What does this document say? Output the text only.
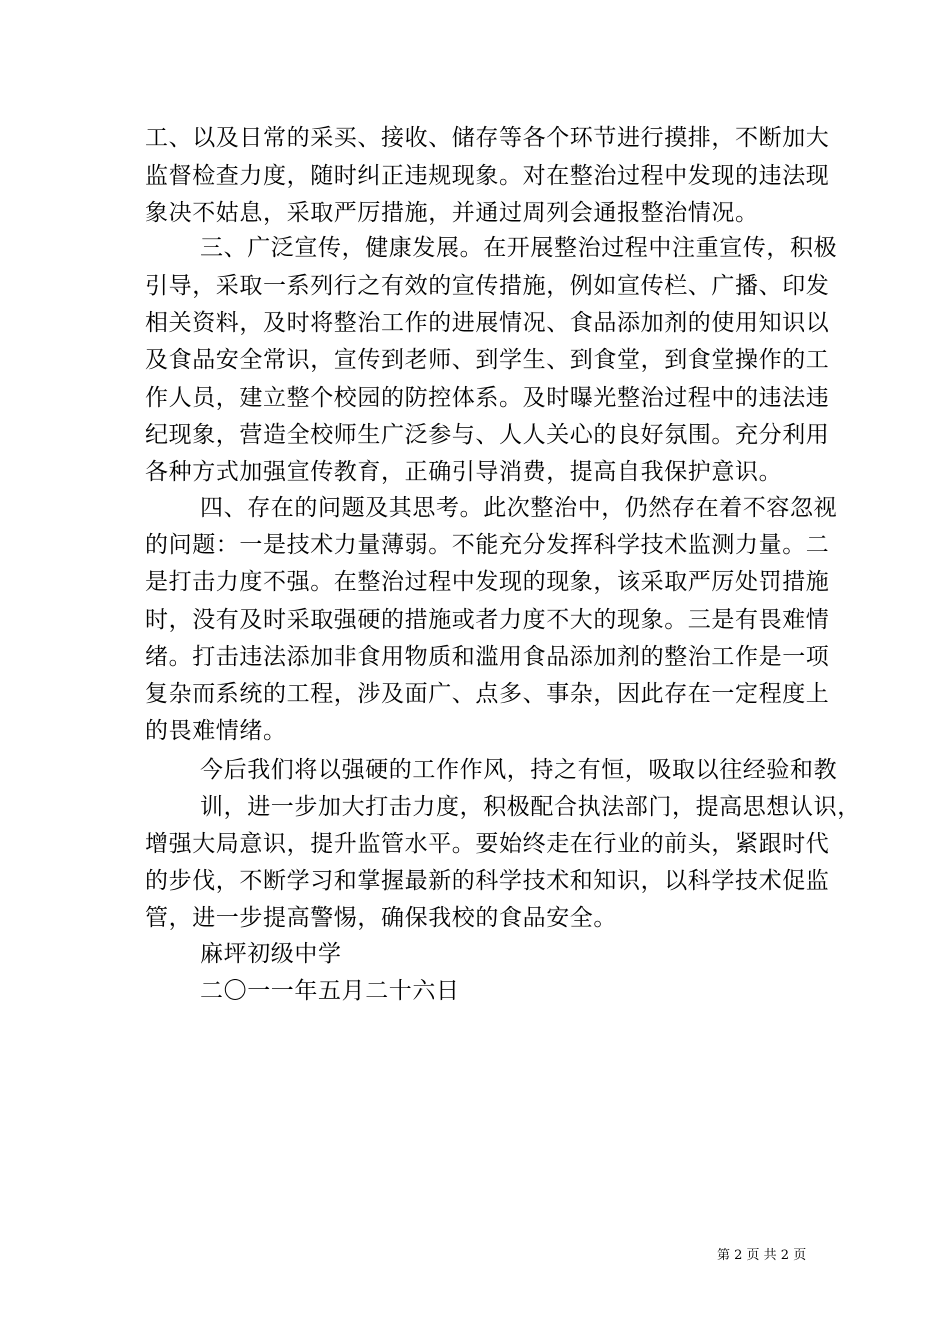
工、以及日常的采买、接收、储存等各个环节进行摸排，不断加大
监督检查力度，随时纠正违规现象。对在整治过程中发现的违法现
象决不姑息，采取严厉措施，并通过周列会通报整治情况。
三、广泛宣传，健康发展。在开展整治过程中注重宣传，积极
引导，采取一系列行之有效的宣传措施，例如宣传栏、广播、印发
相关资料，及时将整治工作的进展情况、食品添加剂的使用知识以
及食品安全常识，宣传到老师、到学生、到食堂，到食堂操作的工
作人员，建立整个校园的防控体系。及时曝光整治过程中的违法违
纪现象，营造全校师生广泛参与、人人关心的良好氛围。充分利用
各种方式加强宣传教育，正确引导消费，提高自我保护意识。
四、存在的问题及其思考。此次整治中，仍然存在着不容忽视
的问题：一是技术力量薄弱。不能充分发挥科学技术监测力量。二
是打击力度不强。在整治过程中发现的现象，该采取严厉处罚措施
时，没有及时采取强硬的措施或者力度不大的现象。三是有畏难情
绪。打击违法添加非食用物质和滥用食品添加剂的整治工作是一项
复杂而系统的工程，涉及面广、点多、事杂，因此存在一定程度上
的畏难情绪。
今后我们将以强硬的工作作风，持之有恒，吸取以往经验和教
训，进一步加大打击力度，积极配合执法部门，提高思想认识，
增强大局意识，提升监管水平。要始终走在行业的前头，紧跟时代
的步伐，不断学习和掌握最新的科学技术和知识，以科学技术促监
管，进一步提高警惕，确保我校的食品安全。
麻坪初级中学
二〇一一年五月二十六日
第 2 页 共 2 页
